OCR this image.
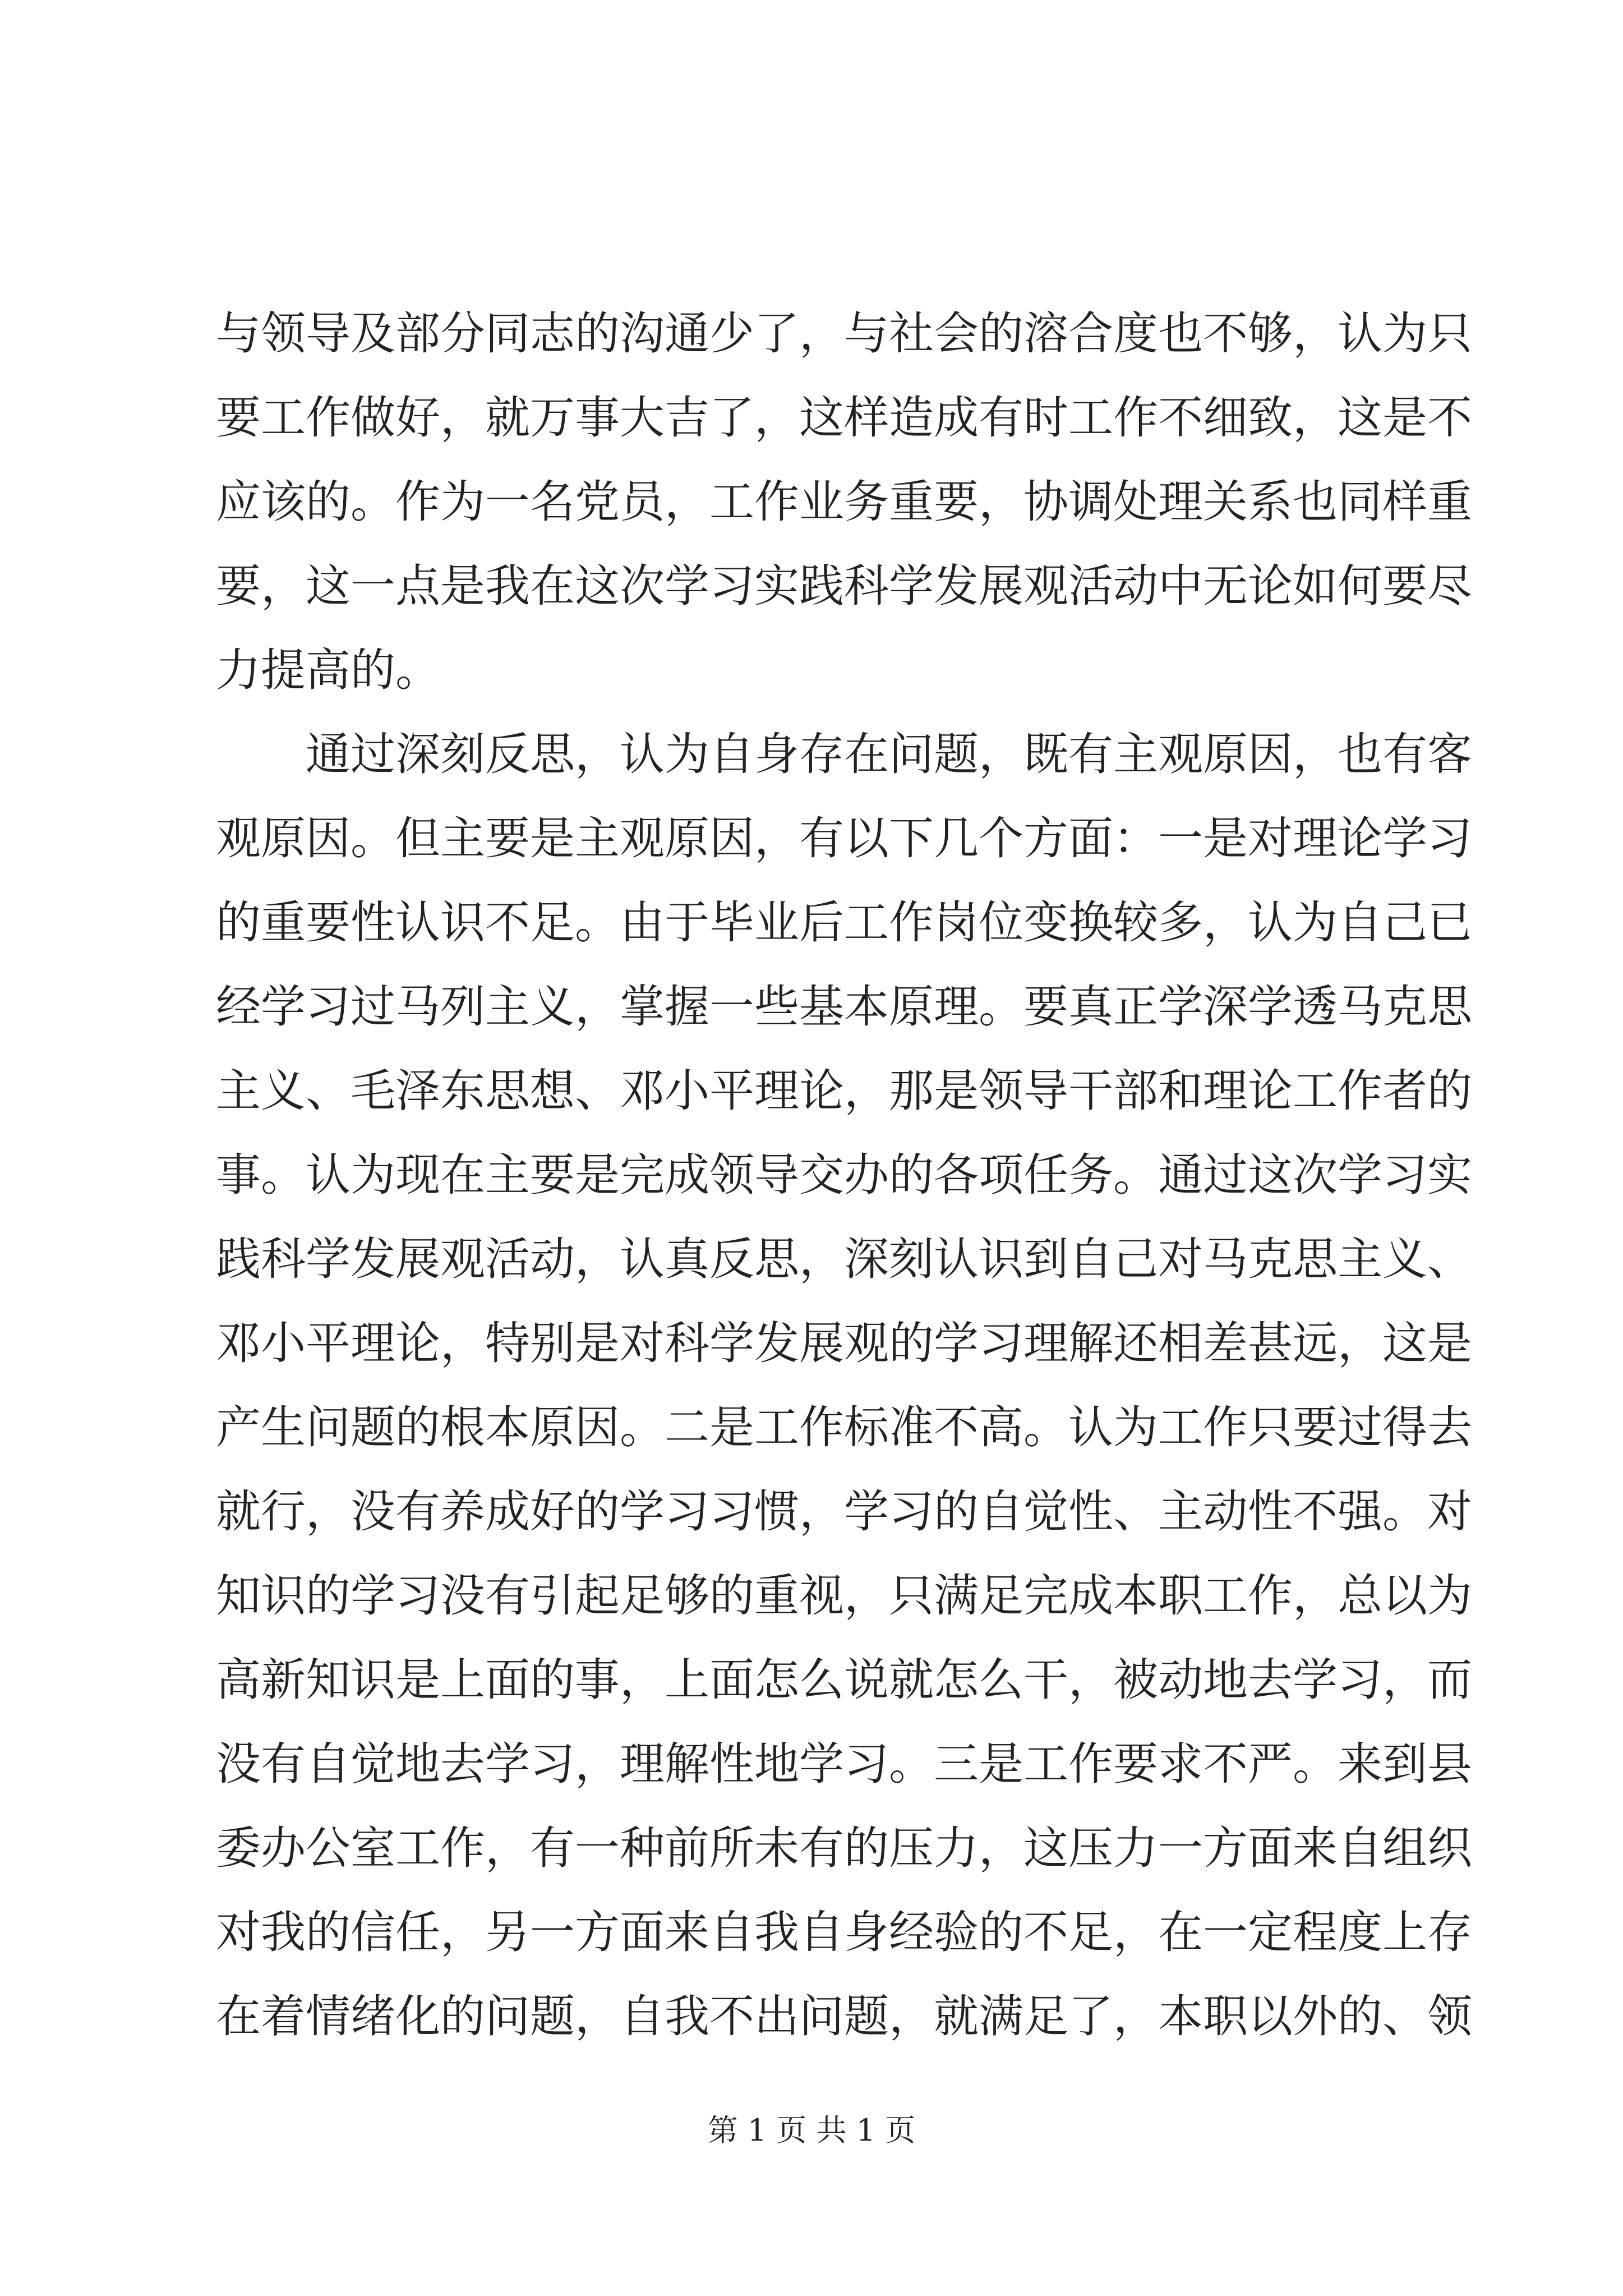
与领导及部分同志的沟通少了，与社会的溶合度也不够，认为只
要工作做好，就万事大吉了，这样造成有时工作不细致，这是不
应该的。作为一名党员，工作业务重要，协调处理关系也同样重
要，这一点是我在这次学习实践科学发展观活动中无论如何要尽
力提高的。

通过深刻反思，认为自身存在问题，既有主观原因，也有客
观原因。但主要是主观原因，有以下几个方面：一是对理论学习
的重要性认识不足。由于毕业后工作岗位变换较多，认为自己已
经学习过马列主义，掌握一些基本原理。要真正学深学透马克思
主义、毛泽东思想、邓小平理论，那是领导干部和理论工作者的
事。认为现在主要是完成领导交办的各项任务。通过这次学习实
践科学发展观活动，认真反思，深刻认识到自己对马克思主义、
邓小平理论，特别是对科学发展观的学习理解还相差甚远，这是
产生问题的根本原因。二是工作标准不高。认为工作只要过得去
就行，没有养成好的学习习惯，学习的自觉性、主动性不强。对
知识的学习没有引起足够的重视，只满足完成本职工作，总以为
高新知识是上面的事，上面怎么说就怎么干，被动地去学习，而
没有自觉地去学习，理解性地学习。三是工作要求不严。来到县
委办公室工作，有一种前所未有的压力，这压力一方面来自组织
对我的信任，另一方面来自我自身经验的不足，在一定程度上存
在着情绪化的问题，自我不出问题，就满足了，本职以外的、领

第 1 页 共 1 页
